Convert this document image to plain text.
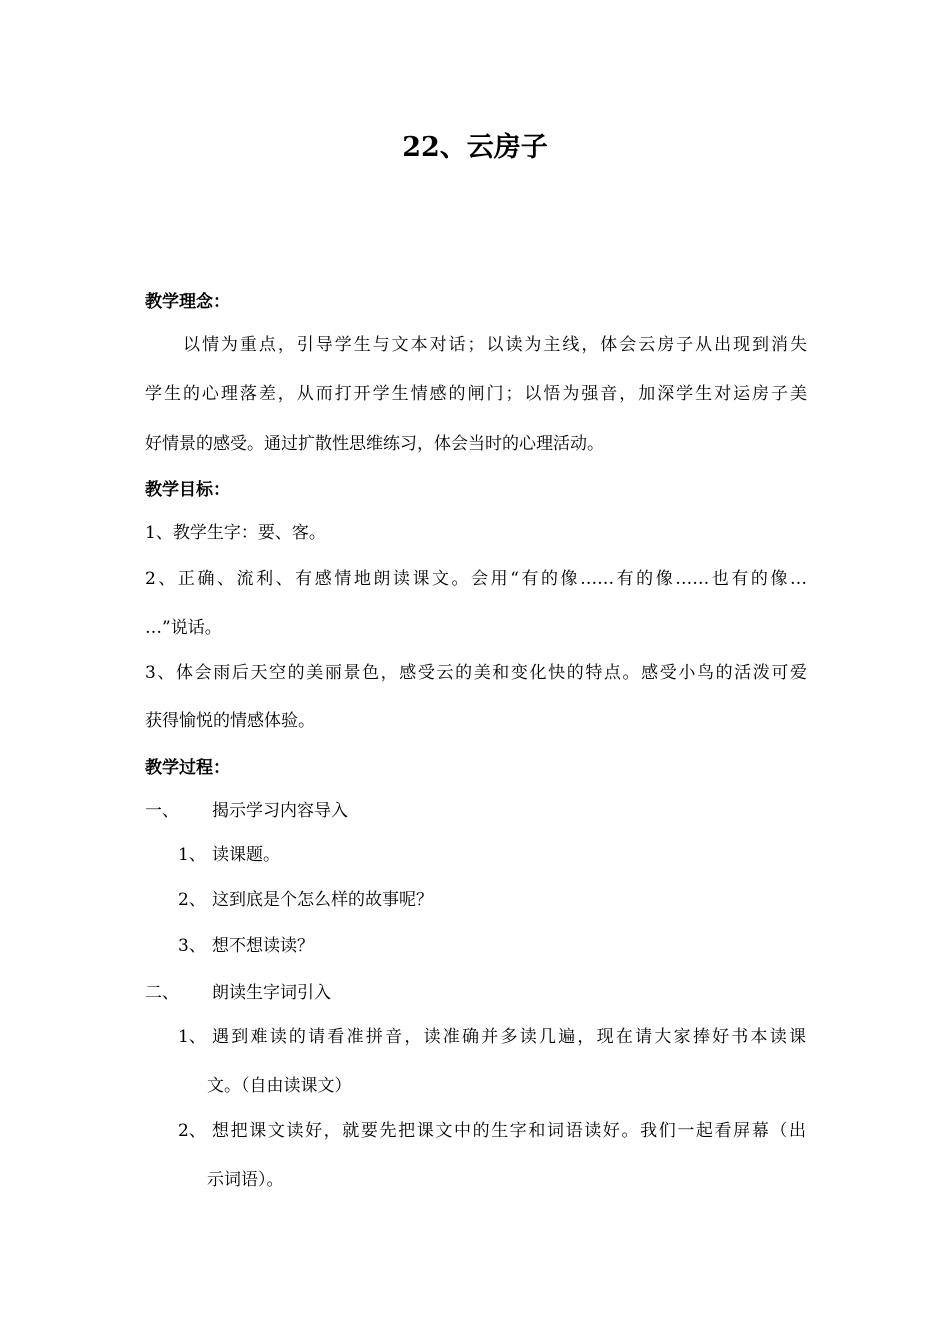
22、云房子
教学理念：
以情为重点，引导学生与文本对话；以读为主线，体会云房子从出现到消失
学生的心理落差，从而打开学生情感的闸门；以悟为强音，加深学生对运房子美
好情景的感受。通过扩散性思维练习，体会当时的心理活动。
教学目标：
1、教学生字：要、客。
2、正确、流利、有感情地朗读课文。会用“有的像……有的像……也有的像…
…”说话。
3、体会雨后天空的美丽景色，感受云的美和变化快的特点。感受小鸟的活泼可爱
获得愉悦的情感体验。
教学过程：
一、 揭示学习内容导入
1、 读课题。
2、 这到底是个怎么样的故事呢？
3、 想不想读读？
二、 朗读生字词引入
1、 遇到难读的请看准拼音，读准确并多读几遍，现在请大家捧好书本读课
文。（自由读课文）
2、 想把课文读好，就要先把课文中的生字和词语读好。我们一起看屏幕（出
示词语）。
